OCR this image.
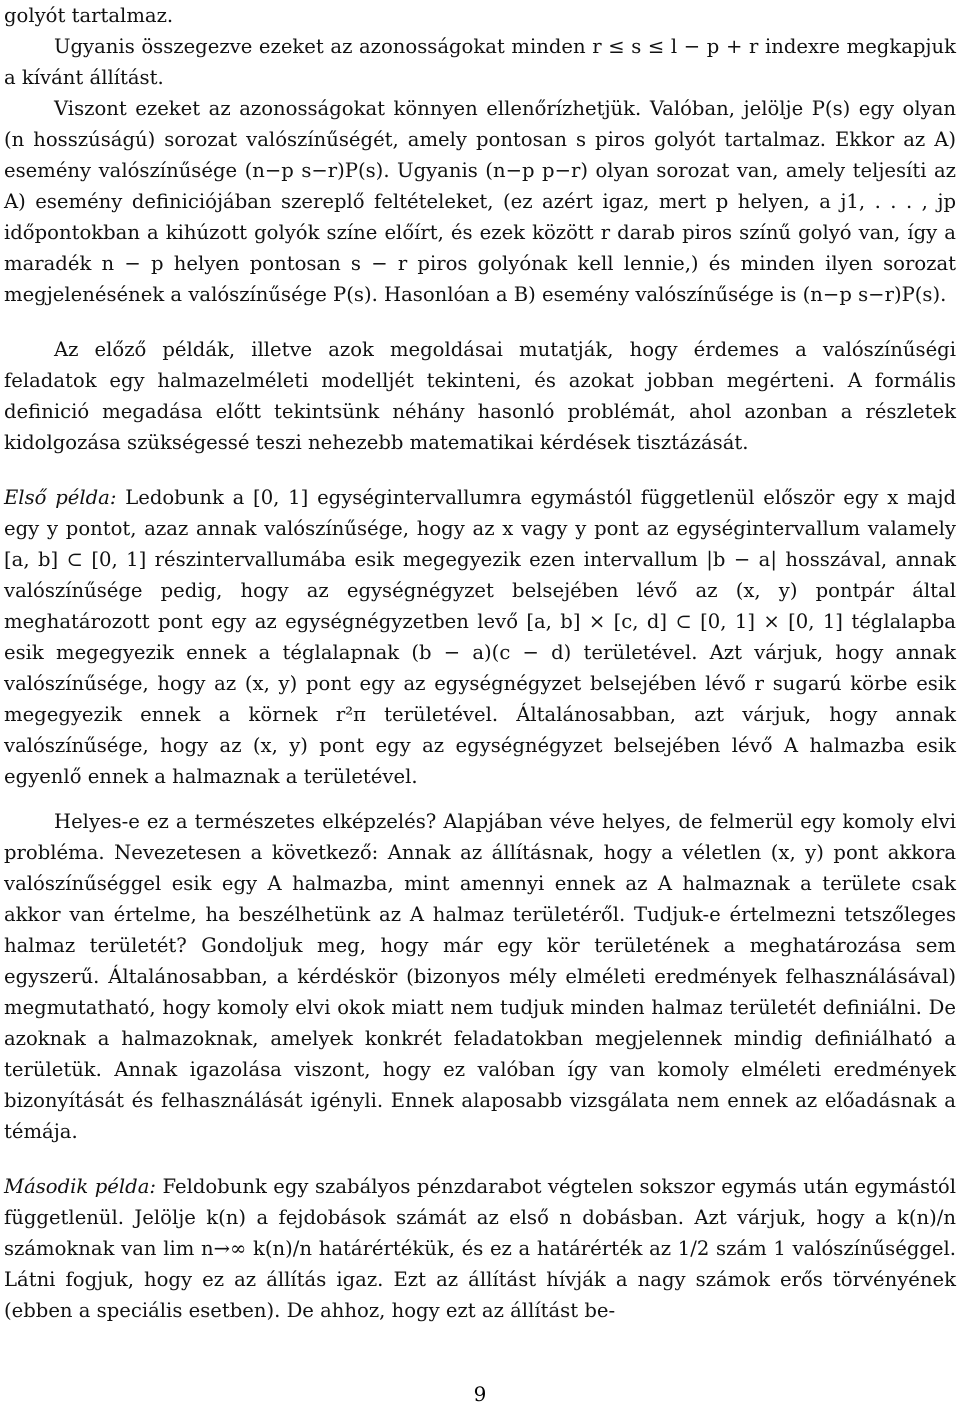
golyót tartalmaz.

Ugyanis összegezve ezeket az azonosságokat minden r ≤ s ≤ l − p + r indexre megkapjuk a kívánt állítást.

Viszont ezeket az azonosságokat könnyen ellenőrízhetjük. Valóban, jelölje P(s) egy olyan (n hosszúságú) sorozat valószínűségét, amely pontosan s piros golyót tartalmaz. Ekkor az A) esemény valószínűsége (n−p s−r)P(s). Ugyanis (n−p p−r) olyan sorozat van, amely teljesíti az A) esemény definiciójában szereplő feltételeket, (ez azért igaz, mert p helyen, a j1, . . . , jp időpontokban a kihúzott golyók színe előírt, és ezek között r darab piros színű golyó van, így a maradék n − p helyen pontosan s − r piros golyónak kell lennie,) és minden ilyen sorozat megjelenésének a valószínűsége P(s). Hasonlóan a B) esemény valószínűsége is (n−p s−r)P(s).

Az előző példák, illetve azok megoldásai mutatják, hogy érdemes a valószínűségi feladatok egy halmazelméleti modelljét tekinteni, és azokat jobban megérteni. A formális definició megadása előtt tekintsünk néhány hasonló problémát, ahol azonban a részletek kidolgozása szükségessé teszi nehezebb matematikai kérdések tisztázását.

Első példa: Ledobunk a [0, 1] egységintervallumra egymástól függetlenül először egy x majd egy y pontot, azaz annak valószínűsége, hogy az x vagy y pont az egységintervallum valamely [a, b] ⊂ [0, 1] részintervallumába esik megegyezik ezen intervallum |b − a| hosszával, annak valószínűsége pedig, hogy az egységnégyzet belsejében lévő az (x, y) pontpár által meghatározott pont egy az egységnégyzetben levő [a, b] × [c, d] ⊂ [0, 1] × [0, 1] téglalapba esik megegyezik ennek a téglalapnak (b − a)(c − d) területével. Azt várjuk, hogy annak valószínűsége, hogy az (x, y) pont egy az egységnégyzet belsejében lévő r sugarú körbe esik megegyezik ennek a körnek r²π területével. Általánosabban, azt várjuk, hogy annak valószínűsége, hogy az (x, y) pont egy az egységnégyzet belsejében lévő A halmazba esik egyenlő ennek a halmaznak a területével.

Helyes-e ez a természetes elképzelés? Alapjában véve helyes, de felmerül egy komoly elvi probléma. Nevezetesen a következő: Annak az állításnak, hogy a véletlen (x, y) pont akkora valószínűséggel esik egy A halmazba, mint amennyi ennek az A halmaznak a területe csak akkor van értelme, ha beszélhetünk az A halmaz területéről. Tudjuk-e értelmezni tetszőleges halmaz területét? Gondoljuk meg, hogy már egy kör területének a meghatározása sem egyszerű. Általánosabban, a kérdéskör (bizonyos mély elméleti eredmények felhasználásával) megmutatható, hogy komoly elvi okok miatt nem tudjuk minden halmaz területét definiálni. De azoknak a halmazoknak, amelyek konkrét feladatokban megjelennek mindig definiálható a területük. Annak igazolása viszont, hogy ez valóban így van komoly elméleti eredmények bizonyítását és felhasználását igényli. Ennek alaposabb vizsgálata nem ennek az előadásnak a témája.

Második példa: Feldobunk egy szabályos pénzdarabot végtelen sokszor egymás után egymástól függetlenül. Jelölje k(n) a fejdobások számát az első n dobásban. Azt várjuk, hogy a k(n)/n számoknak van lim n→∞ k(n)/n határértékük, és ez a határérték az 1/2 szám 1 valószínűséggel. Látni fogjuk, hogy ez az állítás igaz. Ezt az állítást hívják a nagy számok erős törvényének (ebben a speciális esetben). De ahhoz, hogy ezt az állítást be-

9
